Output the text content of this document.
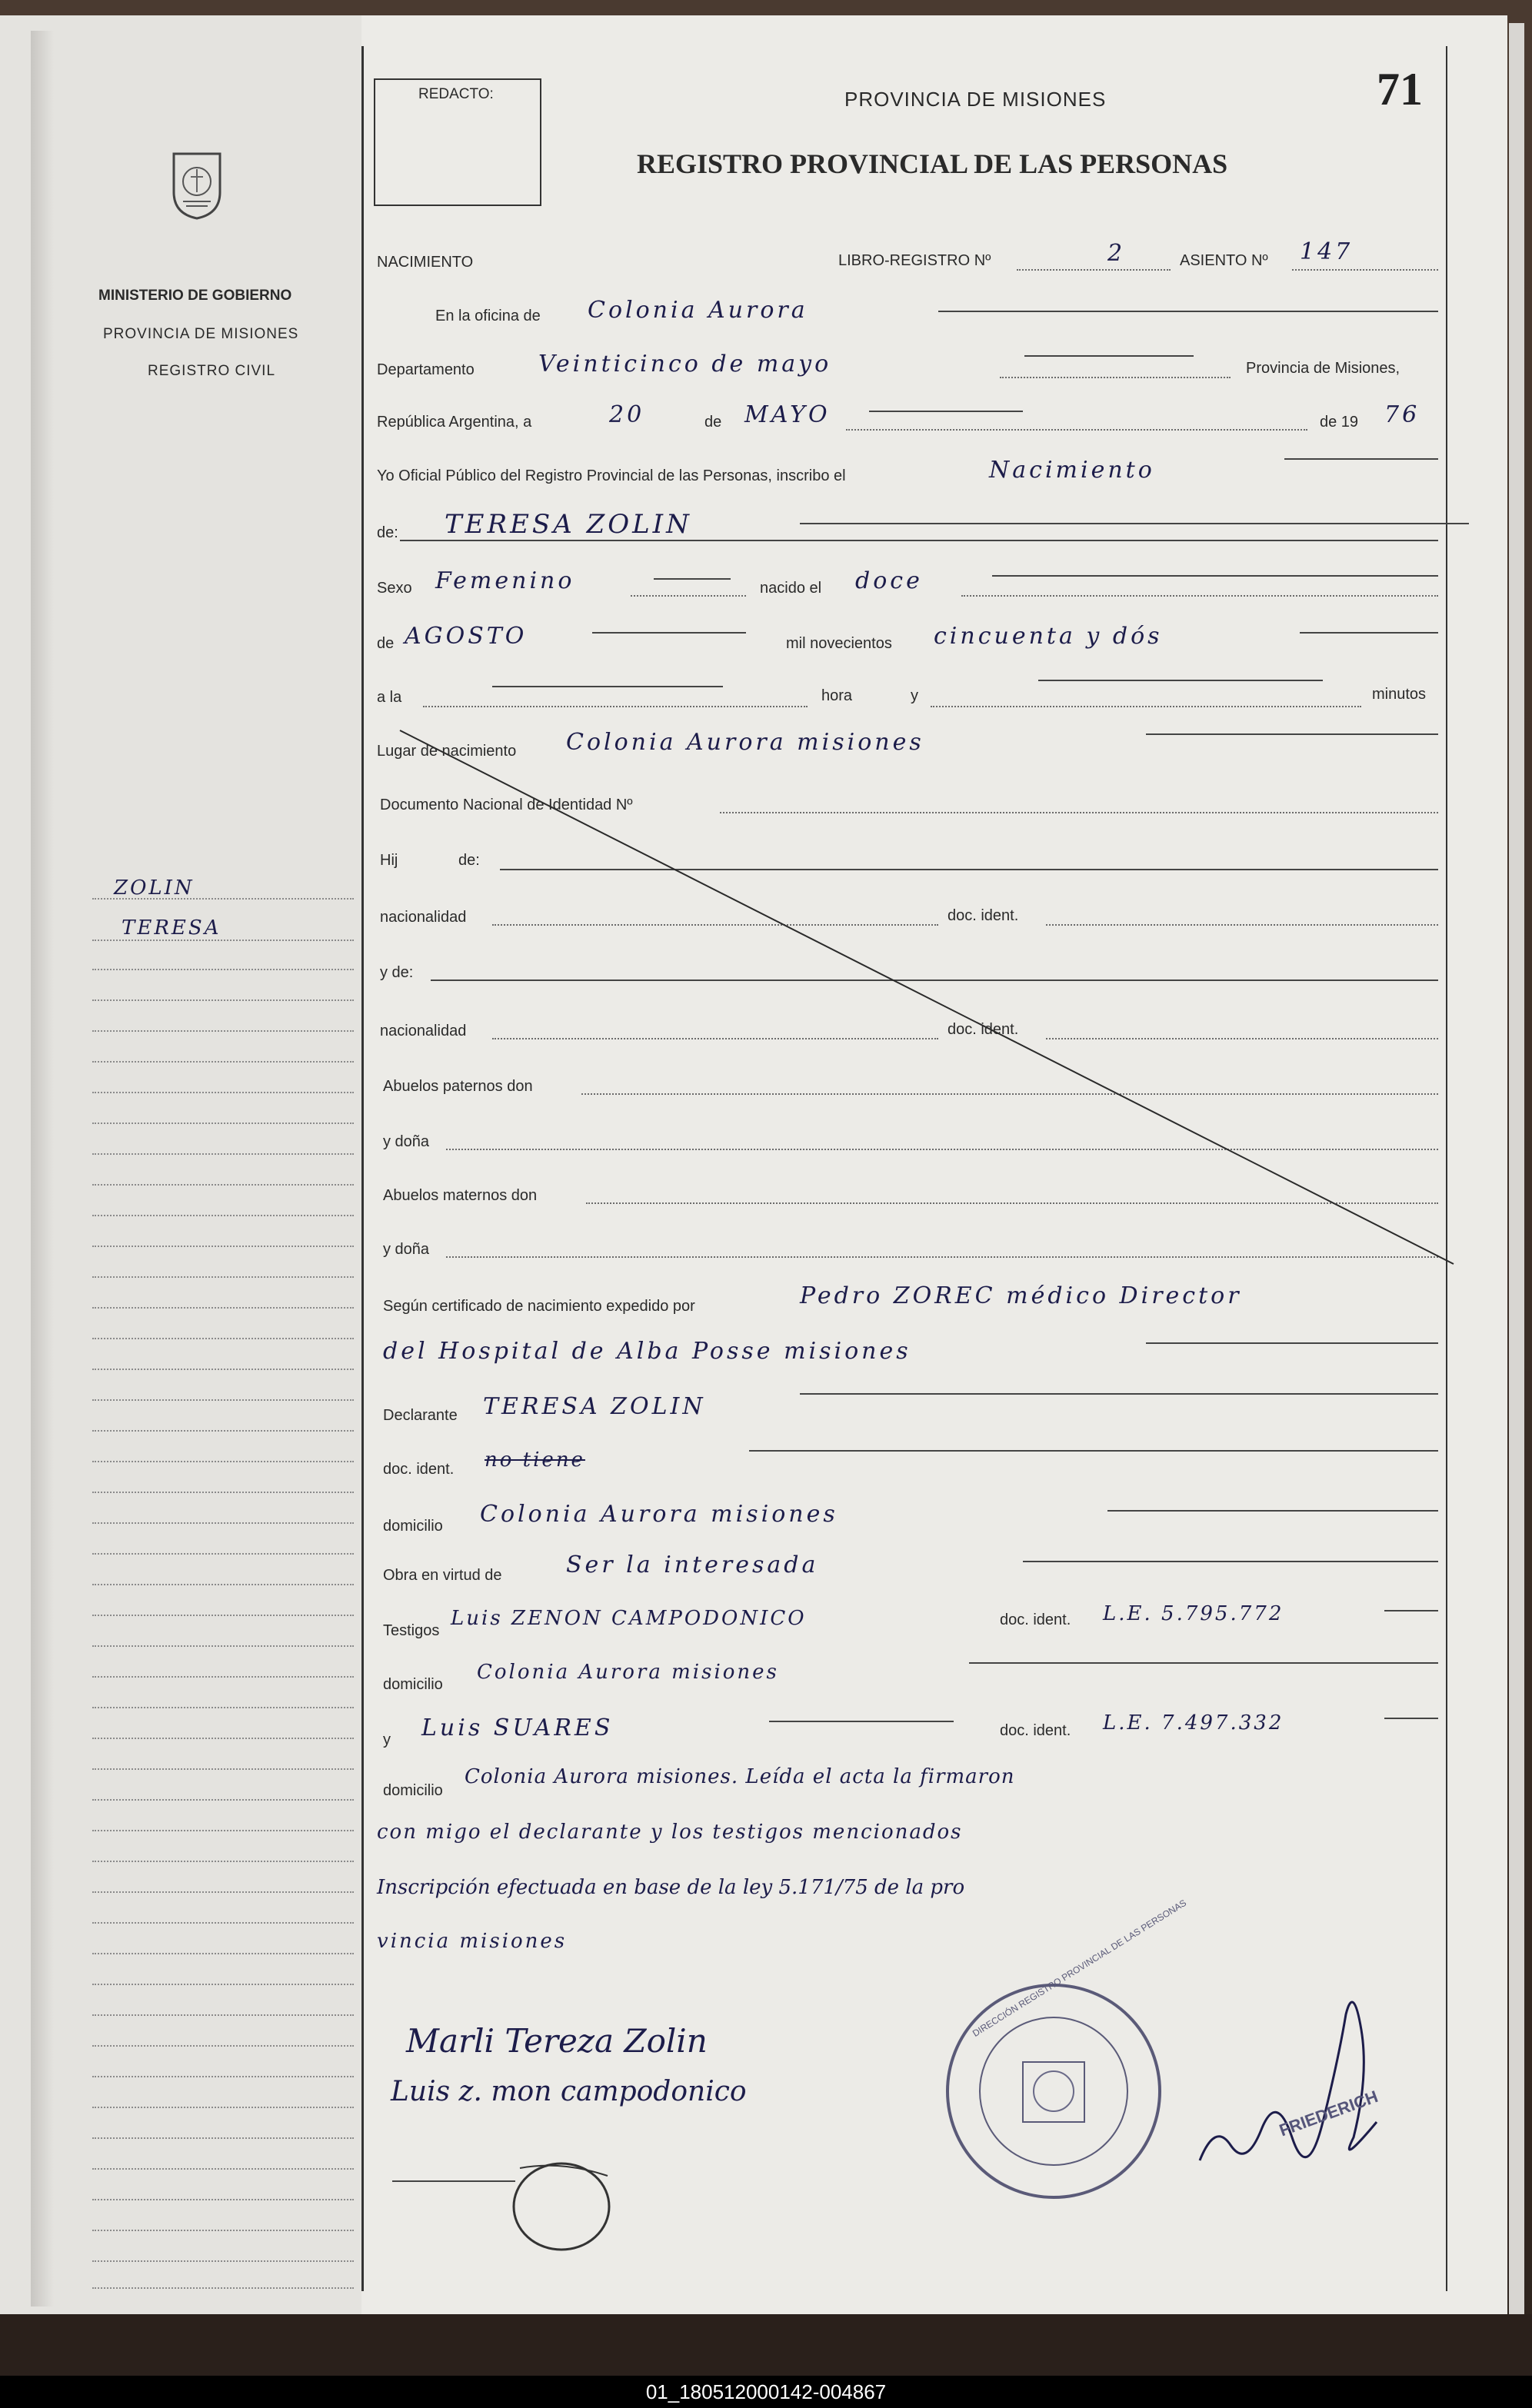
MINISTERIO DE GOBIERNO
PROVINCIA DE MISIONES
REGISTRO CIVIL
ZOLIN
TERESA
REDACTO:	PROVINCIA DE MISIONES
REGISTRO PROVINCIAL DE LAS PERSONAS
71
NACIMIENTO	LIBRO-REGISTRO Nº	2	ASIENTO Nº 147
En la oficina de Colonia Aurora
Departamento	Veinticinco de mayo	Provincia de Misiones,
República Argentina, a	20	de MAYO	de 19 76
Yo Oficial Público del Registro Provincial de las Personas, inscribo el	Nacimiento
de: TERESA ZOLIN
Sexo Femenino	nacido el doce
de AGOSTO	mil novecientos cincuenta y dós
a la	hora	y	minutos
Lugar de nacimiento Colonia Aurora misiones
Documento Nacional de Identidad Nº
Hij	de:
nacionalidad	doc. ident.
y de:
nacionalidad	doc. ident.
Abuelos paternos don
y doña
Abuelos maternos don
y doña
Según certificado de nacimiento expedido por	Pedro ZOREC médico Director
del Hospital de Alba Posse misiones
Declarante TERESA ZOLIN
doc. ident. no tiene
domicilio Colonia Aurora misiones
Obra en virtud de	Ser la interesada
Testigos
Luis ZENON CAMPODONICO	doc. ident. L.E. 5.795.772
domicilio
Colonia Aurora misiones
y Luis SUARES	doc. ident. L.E. 7.497.332
domicilio
Colonia Aurora misiones. Leída el acta la firmaron
con migo el declarante y los testigos mencionados
Inscripción efectuada en base de la ley 5.171/75 de la pro
vincia misiones
Marli Tereza Zolin
Luis z. mon campodonico
DIRECCIÓN REGISTRO PROVINCIAL DE LAS PERSONAS
FRIEDERICH
01_180512000142-004867
